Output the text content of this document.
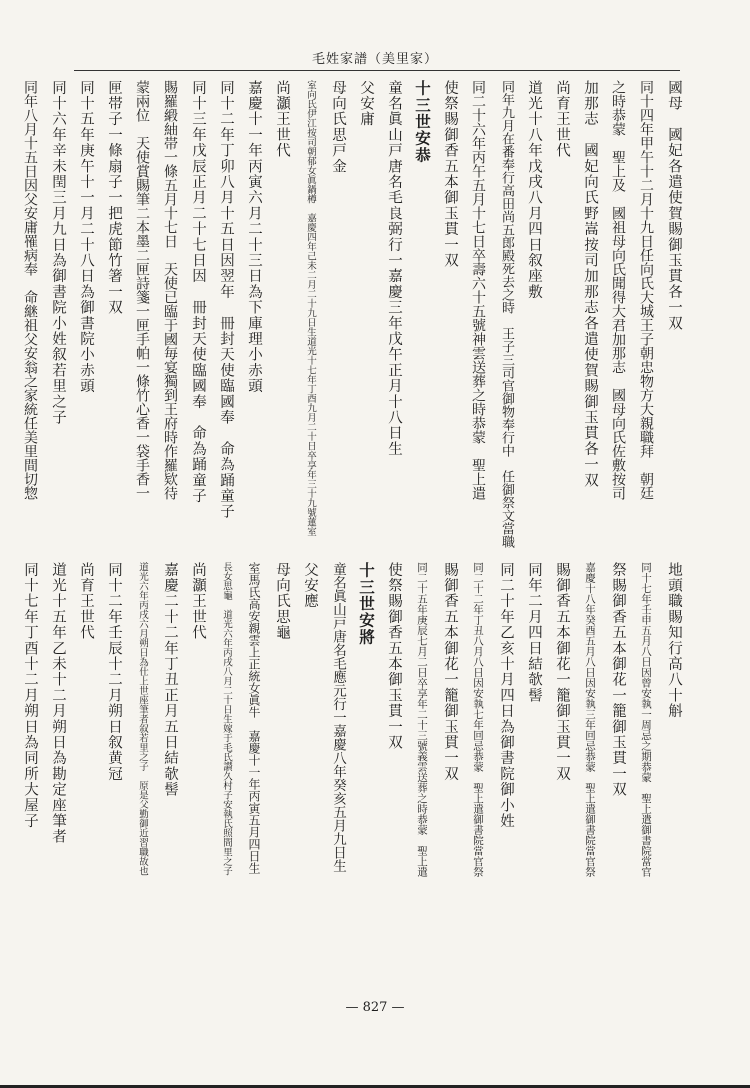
毛姓家譜（美里家）
國母　國妃各遣使賀賜御玉貫各一双
同十四年甲午十二月十九日任向氏大城王子朝忠物方大親職拜　朝廷
之時恭蒙　聖上及　國祖母向氏聞得大君加那志　國母向氏佐敷按司
加那志　國妃向氏野嵩按司加那志各遣使賀賜御玉貫各一双
尚育王世代
道光十八年戊戌八月四日叙座敷
同年九月在番奉行高田尚五郎殿死去之時　王子三司官御物奉行中　任御祭文當職
同二十六年丙午五月十七日卒壽六十五號神雲送葬之時恭蒙　聖上遣
使祭賜御香五本御玉貫一双
十三世安恭
童名眞山戸唐名毛良弼行一嘉慶三年戊午正月十八日生
父安庸
母向氏思戸金
室向氏伊江按司朝郁女眞鍋樽　嘉慶四年己未二月二十九日生道光十七年丁酉九月二十日卒享年三十九號蓮室
尚灝王世代
嘉慶十一年丙寅六月二十三日為下庫理小赤頭
同十二年丁卯八月十五日因翌年　冊封天使臨國奉　命為踊童子
同十三年戊辰正月二十七日因　冊封天使臨國奉　命為踊童子
賜羅緞紬帯一條五月十七日　天使已臨于國毎宴獨到王府時作羅欵待
蒙兩位　天使賞賜筆二本墨二匣詩箋一匣手帕一條竹心香一袋手香一
匣帯子一條扇子一把虎節竹箸一双
同十五年庚午十一月二十八日為御書院小赤頭
同十六年辛未閏三月九日為御書院小姓叙若里之子
同年八月十五日因父安庸罹病奉　命継祖父安翁之家統任美里間切惣
地頭職賜知行高八十斛
同十七年壬申五月八日因曾安執一周忌之期恭蒙　聖上遣御書院當官
祭賜御香五本御花一籠御玉貫一双
嘉慶十八年癸酉五月八日因安執三年回忌恭蒙　聖上遣御書院當官祭
賜御香五本御花一籠御玉貫一双
同年二月四日結欹髻
同二十年乙亥十月四日為御書院御小姓
同二十二年丁丑八月八日因安執七年回忌恭蒙　聖上遣御書院當官祭
賜御香五本御花一籠御玉貫一双
同二十五年庚辰七月二日卒享年二十三號義雲送葬之時恭蒙　聖上遣
使祭賜御香五本御玉貫一双
十三世安將
童名眞山戸唐名毛應元行一嘉慶八年癸亥五月九日生
父安應
母向氏思龜
室馬氏高安親雲上正統女眞牛　嘉慶十一年丙寅五月四日生
長女思龜　道光六年丙戌八月二十日生嫁于毛氏讃久村子安執氏照間里之子
尚灝王世代
嘉慶二十二年丁丑正月五日結欹髻
道光六年丙戌六月朔日為仕上世座筆者叙若里之子　原是父勤御近習職故也
同十二年壬辰十二月朔日叙黄冠
尚育王世代
道光十五年乙未十二月朔日為勘定座筆者
同十七年丁酉十二月朔日為同所大屋子
— 827 —
